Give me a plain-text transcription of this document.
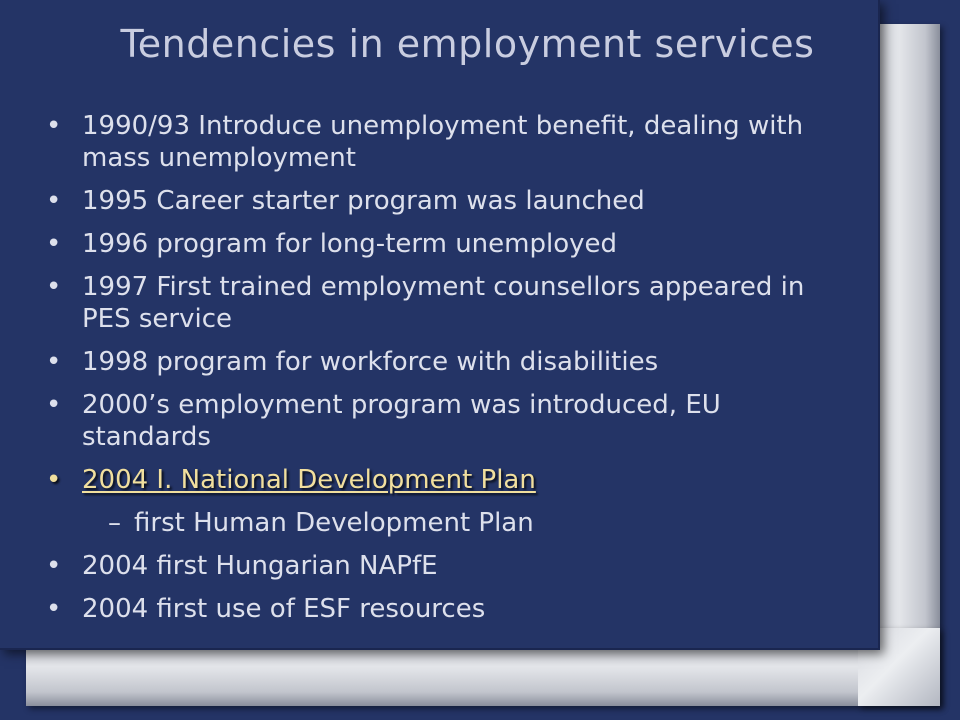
Tendencies in employment services
• 1990/93 Introduce unemployment benefit, dealing with mass unemployment
• 1995 Career starter program was launched
• 1996 program for long-term unemployed
• 1997 First trained employment counsellors appeared in PES service
• 1998 program for workforce with disabilities
• 2000’s employment program was introduced, EU standards
• 2004 I. National Development Plan
– first Human Development Plan
• 2004 first Hungarian NAPfE
• 2004 first use of ESF resources
